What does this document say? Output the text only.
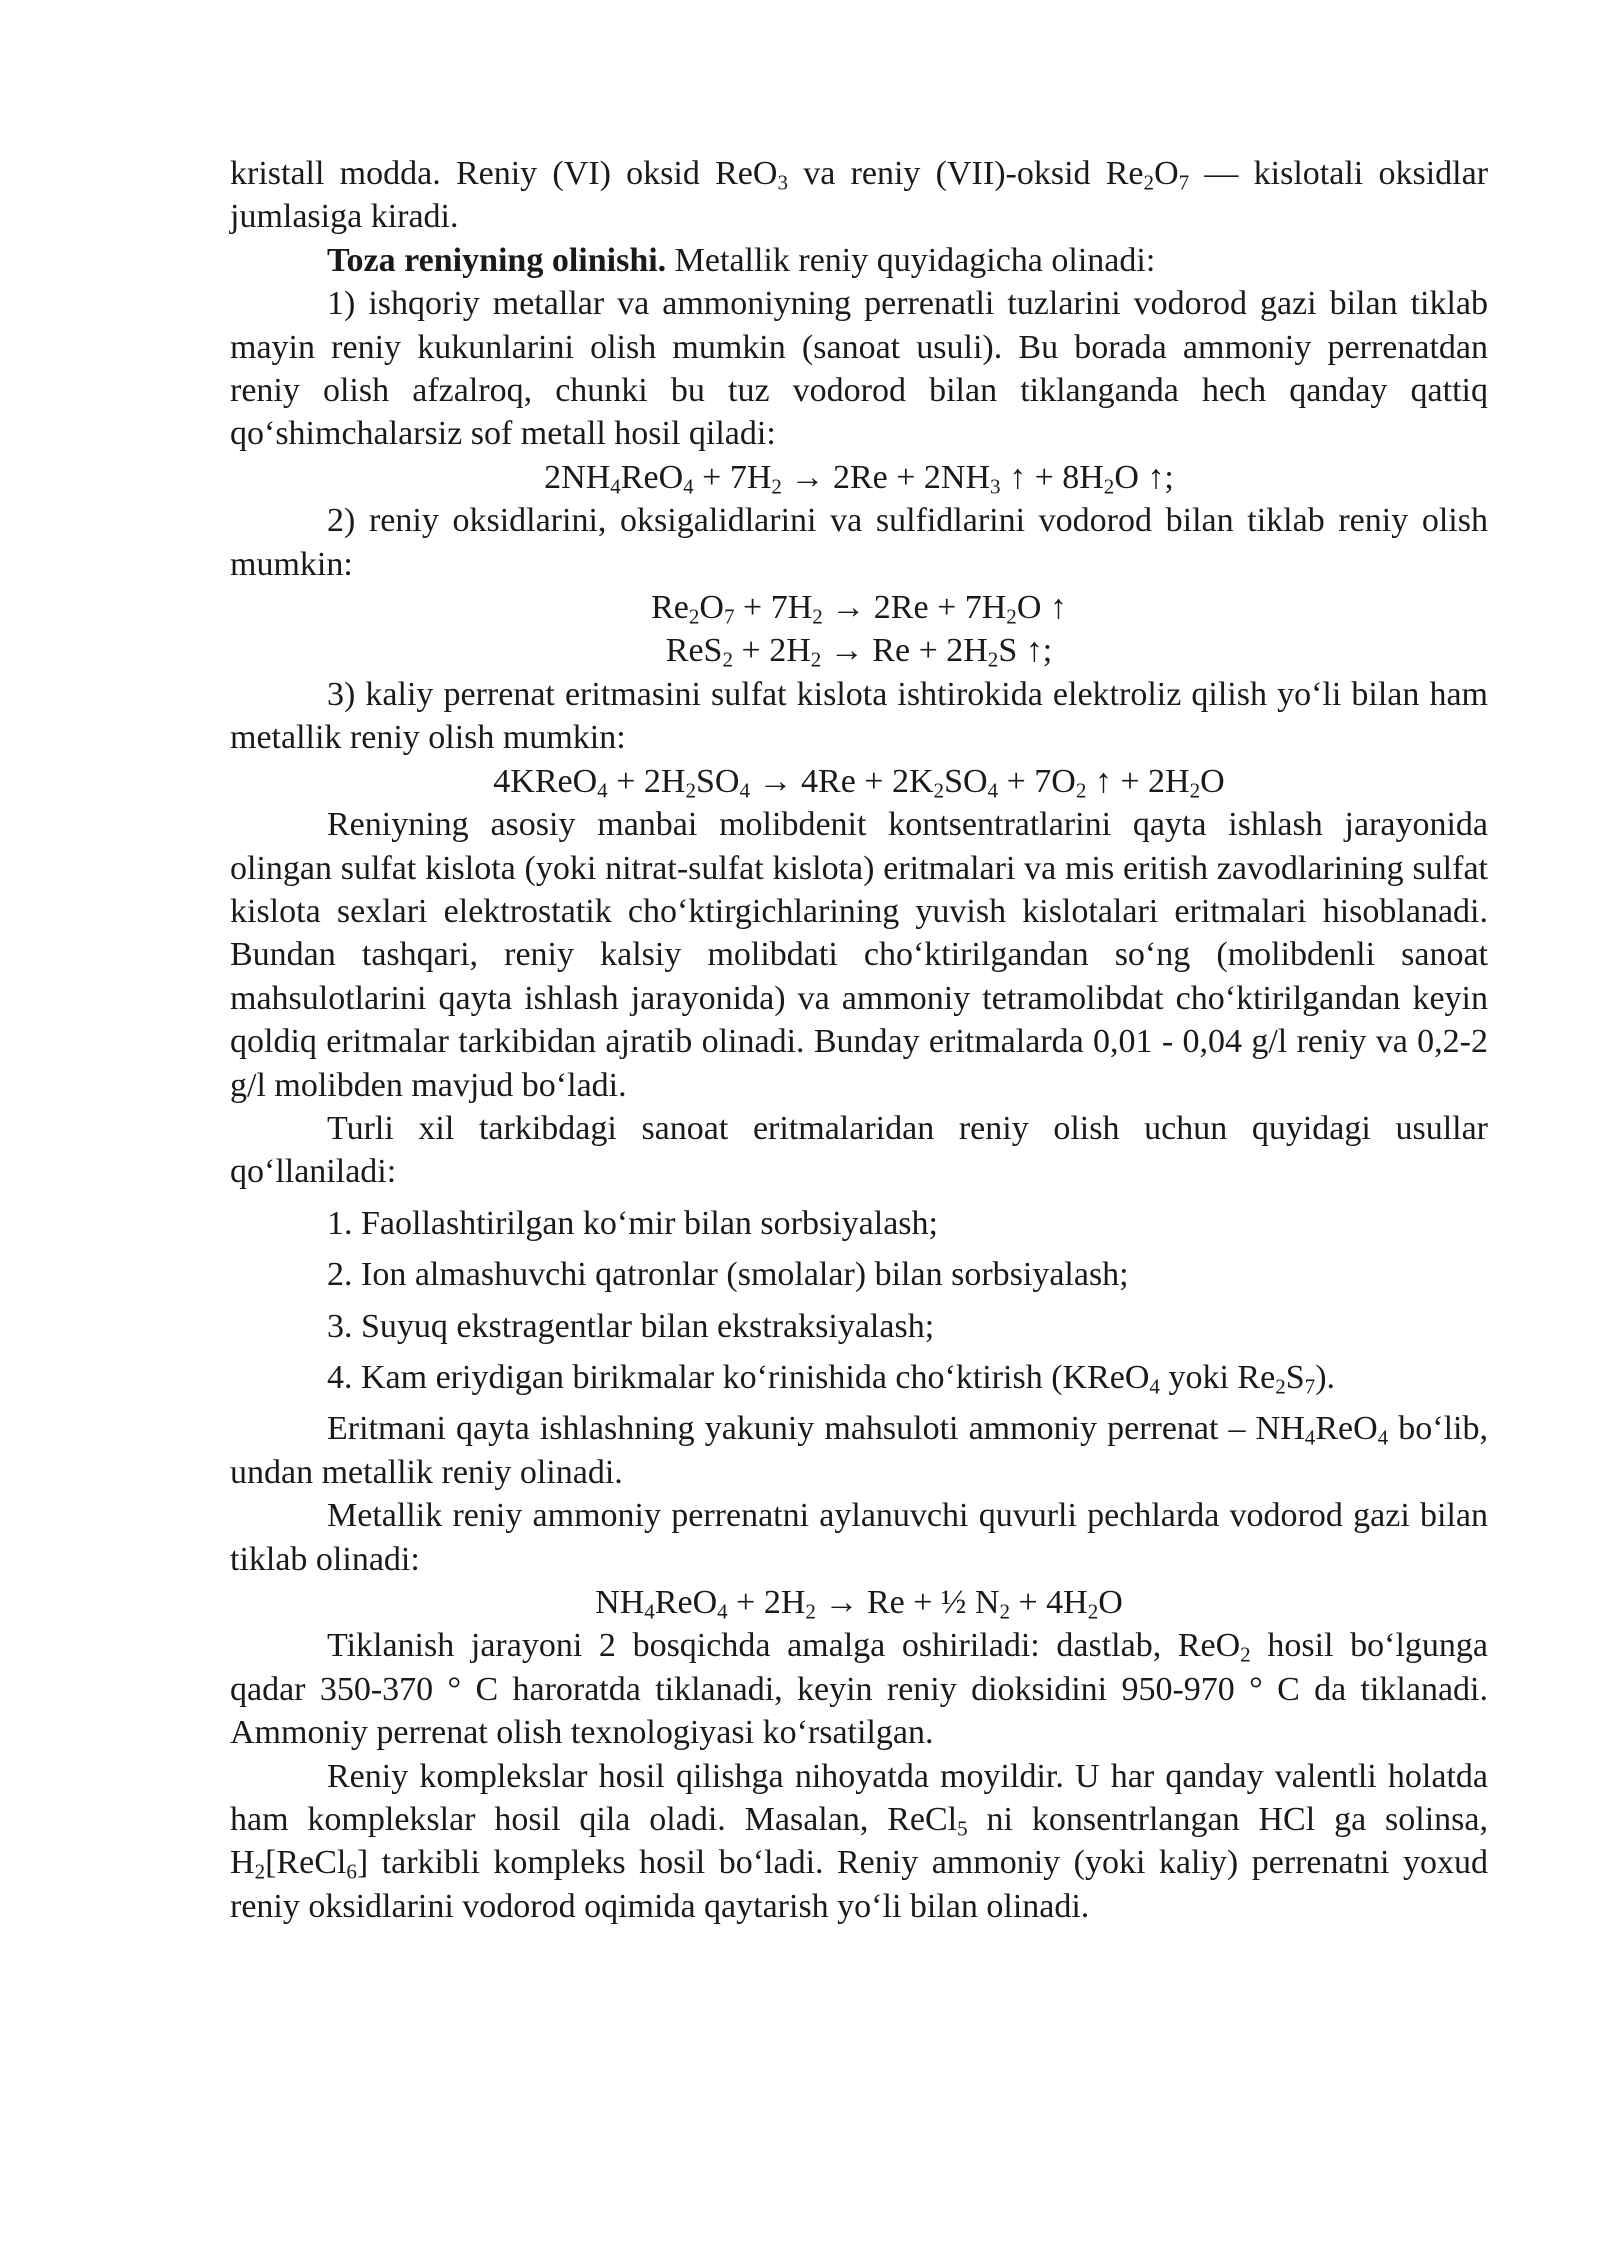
kristall modda. Reniy (VI) oksid ReO$_3$ va reniy (VII)-oksid $Re_2O_7$ — kislotali oksidlar jumlasiga kiradi.

Toza reniyning olinishi. Metallik reniy quyidagicha olinadi:

1) ishqoriy metallar va ammoniyning perrenatli tuzlarini vodorod gazi bilan tiklab mayin reniy kukunlarini olish mumkin (sanoat usuli). Bu borada ammoniy perrenatdan reniy olish afzalroq, chunki bu tuz vodorod bilan tiklanganda hech qanday qattiq qo‘shimchalarsiz sof metall hosil qiladi:

$2NH_4ReO_4 + 7H_2 \to 2Re + 2NH_3$ ↑ + $8H_2O$ ↑;

2) reniy oksidlarini, oksigalidlarini va sulfidlarini vodorod bilan tiklab reniy olish mumkin:

$Re_2O_7 + 7H_2 \to 2Re + 7H_2O$ ↑

$ReS_2 + 2H_2 \to Re + 2H_2S$ ↑;

3) kaliy perrenat eritmasini sulfat kislota ishtirokida elektroliz qilish yo‘li bilan ham metallik reniy olish mumkin:

4KReO$_4$ + $2H_2SO_4 \to 4Re + 2K_2SO_4 + 7O_2$ ↑ + $2H_2O$

Reniyning asosiy manbai molibdenit kontsentratlarini qayta ishlash jarayonida olingan sulfat kislota (yoki nitrat-sulfat kislota) eritmalari va mis eritish zavodlarining sulfat kislota sexlari elektrostatik cho‘ktirgichlarining yuvish kislotalari eritmalari hisoblanadi. Bundan tashqari, reniy kalsiy molibdati cho‘ktirilgandan so‘ng (molibdenli sanoat mahsulotlarini qayta ishlash jarayonida) va ammoniy tetramolibdat cho‘ktirilgandan keyin qoldiq eritmalar tarkibidan ajratib olinadi. Bunday eritmalarda 0,01 - 0,04 g/l reniy va 0,2-2 g/l molibden mavjud bo‘ladi.

Turli xil tarkibdagi sanoat eritmalaridan reniy olish uchun quyidagi usullar qo‘llaniladi:

1. Faollashtirilgan ko‘mir bilan sorbsiyalash;

2. Ion almashuvchi qatronlar (smolalar) bilan sorbsiyalash;

3. Suyuq ekstragentlar bilan ekstraksiyalash;

4. Kam eriydigan birikmalar ko‘rinishida cho‘ktirish (KReO$_4$ yoki $Re_2S_7$).

Eritmani qayta ishlashning yakuniy mahsuloti ammoniy perrenat – $NH_4ReO_4$ bo‘lib, undan metallik reniy olinadi.

Metallik reniy ammoniy perrenatni aylanuvchi quvurli pechlarda vodorod gazi bilan tiklab olinadi:

$NH_4ReO_4 + 2H_2 \to Re$ + ½ $N_2 + 4H_2O$

Tiklanish jarayoni 2 bosqichda amalga oshiriladi: dastlab, ReO$_2$ hosil bo‘lgunga qadar 350-370 ° C haroratda tiklanadi, keyin reniy dioksidini 950-970 ° C da tiklanadi. Ammoniy perrenat olish texnologiyasi ko‘rsatilgan.

Reniy komplekslar hosil qilishga nihoyatda moyildir. U har qanday valentli holatda ham komplekslar hosil qila oladi. Masalan, ReCl$_5$ ni konsentrlangan HCl ga solinsa, $H_2[ReCl_6]$ tarkibli kompleks hosil bo‘ladi. Reniy ammoniy (yoki kaliy) perrenatni yoxud reniy oksidlarini vodorod oqimida qaytarish yo‘li bilan olinadi.
